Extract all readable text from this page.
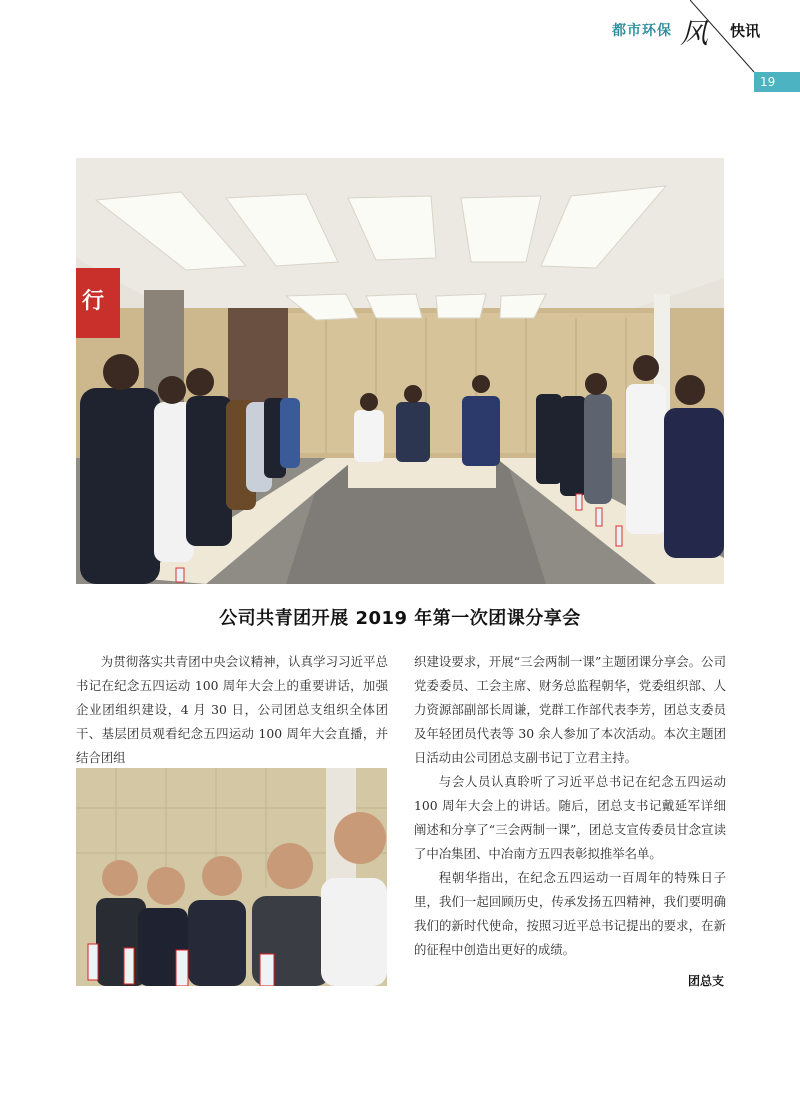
都市环保 风 快讯
19
行
公司共青团开展 2019 年第一次团课分享会

为贯彻落实共青团中央会议精神，认真学习习近平总书记在纪念五四运动 100 周年大会上的重要讲话，加强企业团组织建设，4 月 30 日，公司团总支组织全体团干、基层团员观看纪念五四运动 100 周年大会直播，并结合团组

织建设要求，开展“三会两制一课”主题团课分享会。公司党委委员、工会主席、财务总监程朝华，党委组织部、人力资源部副部长周谦，党群工作部代表李芳，团总支委员及年轻团员代表等 30 余人参加了本次活动。本次主题团日活动由公司团总支副书记丁立君主持。

与会人员认真聆听了习近平总书记在纪念五四运动 100 周年大会上的讲话。随后，团总支书记戴延军详细阐述和分享了“三会两制一课”，团总支宣传委员甘念宣读了中冶集团、中冶南方五四表彰拟推举名单。

程朝华指出，在纪念五四运动一百周年的特殊日子里，我们一起回顾历史，传承发扬五四精神，我们要明确我们的新时代使命，按照习近平总书记提出的要求，在新的征程中创造出更好的成绩。

团总支
